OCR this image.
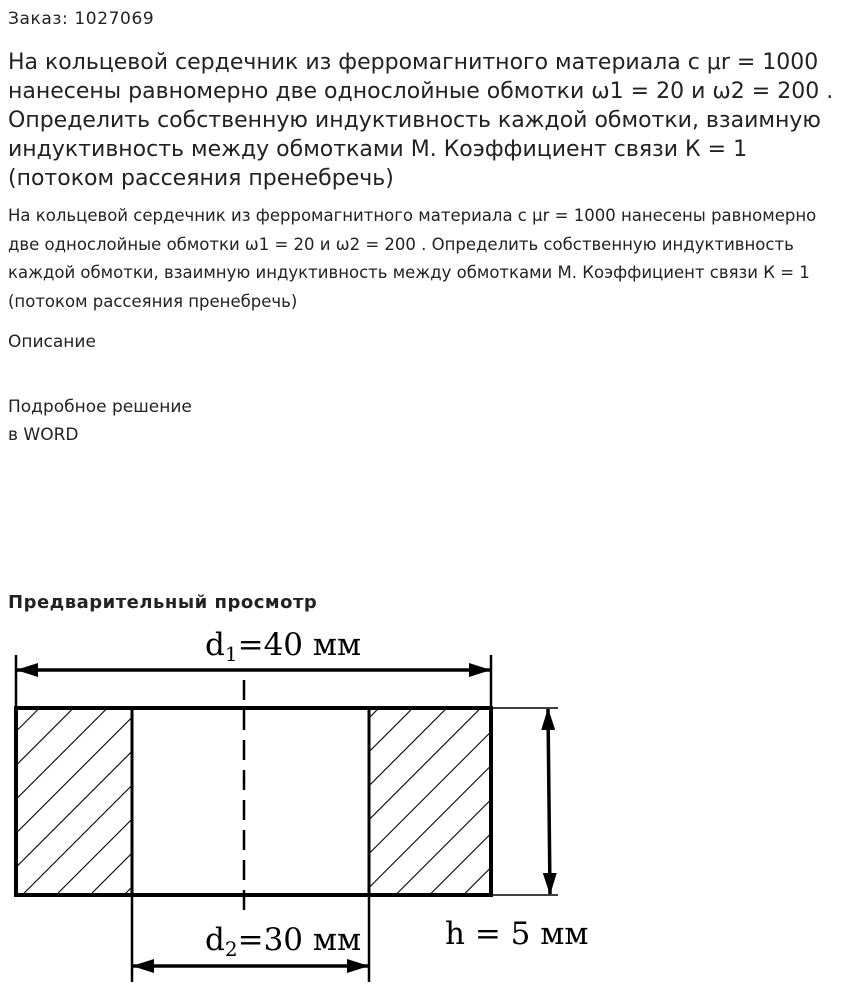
Заказ: 1027069
На кольцевой сердечник из ферромагнитного материала с μr = 1000 нанесены равномерно две однослойные обмотки ω1 = 20 и ω2 = 200 . Определить собственную индуктивность каждой обмотки, взаимную индуктивность между обмотками М. Коэффициент связи К = 1 (потоком рассеяния пренебречь)

На кольцевой сердечник из ферромагнитного материала с μr = 1000 нанесены равномерно две однослойные обмотки ω1 = 20 и ω2 = 200 . Определить собственную индуктивность каждой обмотки, взаимную индуктивность между обмотками М. Коэффициент связи К = 1 (потоком рассеяния пренебречь)

Описание
Подробное решение
в WORD
Предварительный просмотр
d1=40 мм
h = 5 мм
d2=30 мм
